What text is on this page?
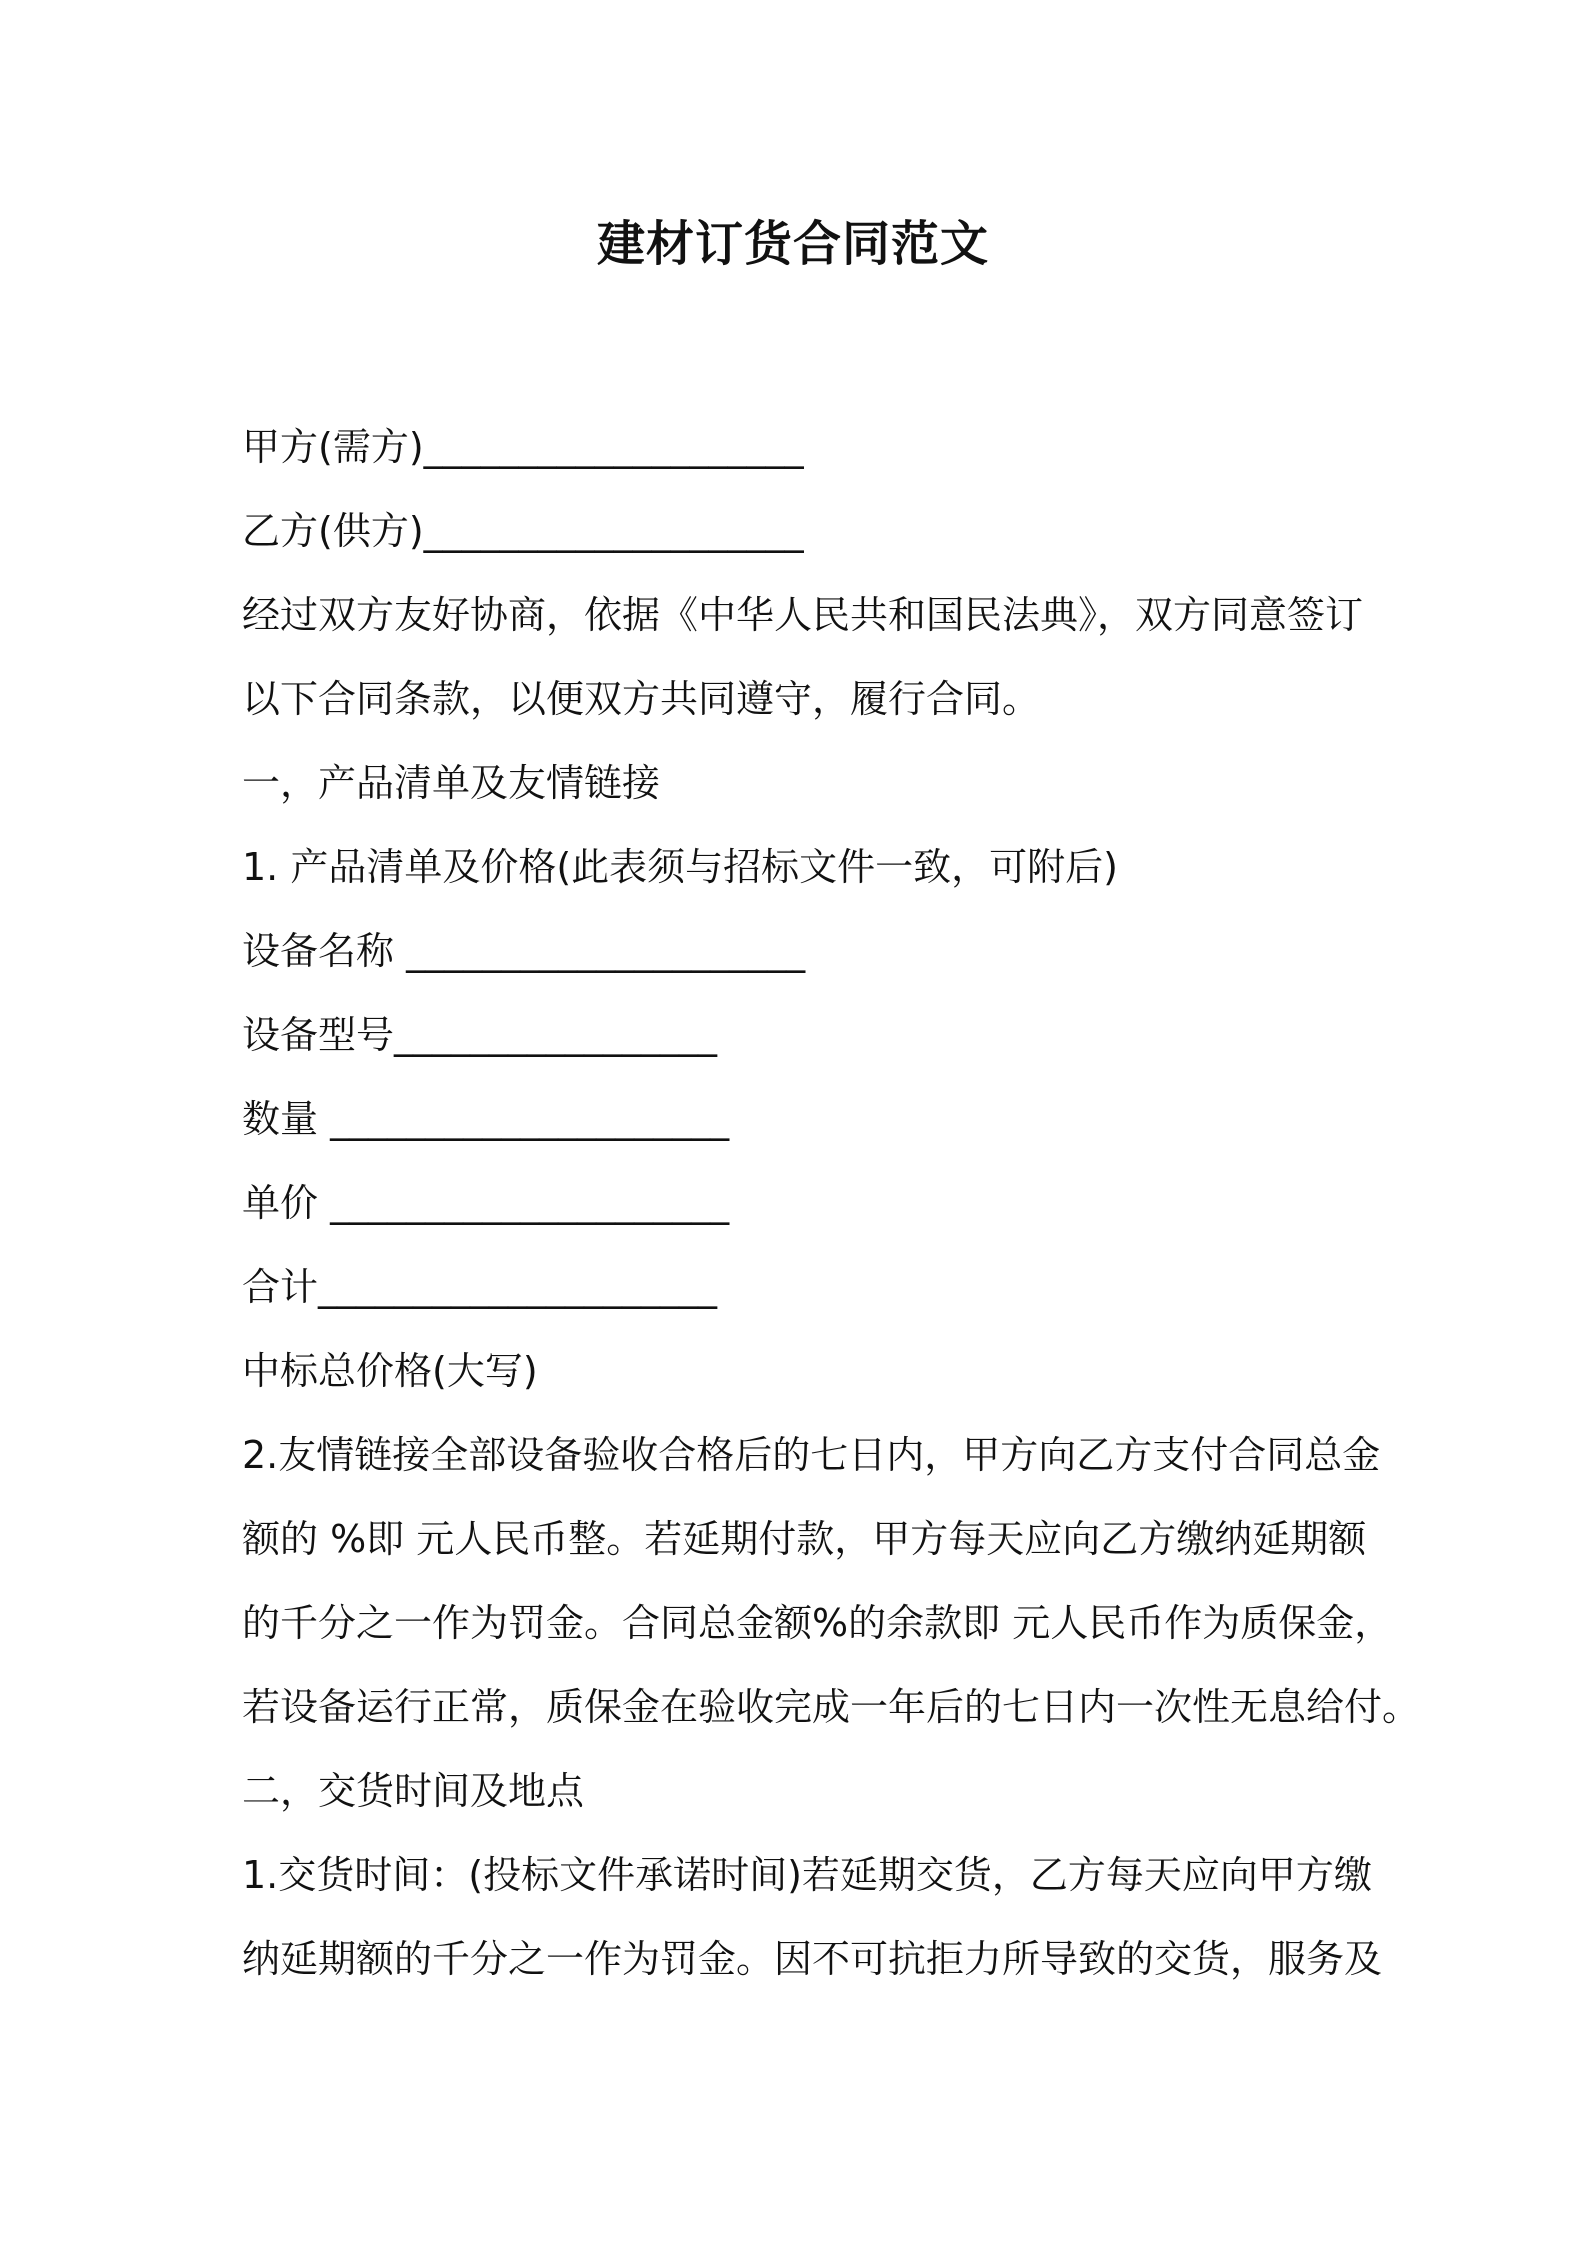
建材订货合同范文

甲方(需方)____________________

乙方(供方)____________________

经过双方友好协商，依据《中华人民共和国民法典》，双方同意签订

以下合同条款，以便双方共同遵守，履行合同。

一，产品清单及友情链接

1. 产品清单及价格(此表须与招标文件一致，可附后)

设备名称 _____________________

设备型号_________________

数量 _____________________

单价 _____________________

合计_____________________

中标总价格(大写)

2.友情链接全部设备验收合格后的七日内，甲方向乙方支付合同总金

额的 %即 元人民币整。若延期付款，甲方每天应向乙方缴纳延期额

的千分之一作为罚金。合同总金额%的余款即 元人民币作为质保金，

若设备运行正常，质保金在验收完成一年后的七日内一次性无息给付。

二，交货时间及地点

1.交货时间：(投标文件承诺时间)若延期交货，乙方每天应向甲方缴

纳延期额的千分之一作为罚金。因不可抗拒力所导致的交货，服务及
